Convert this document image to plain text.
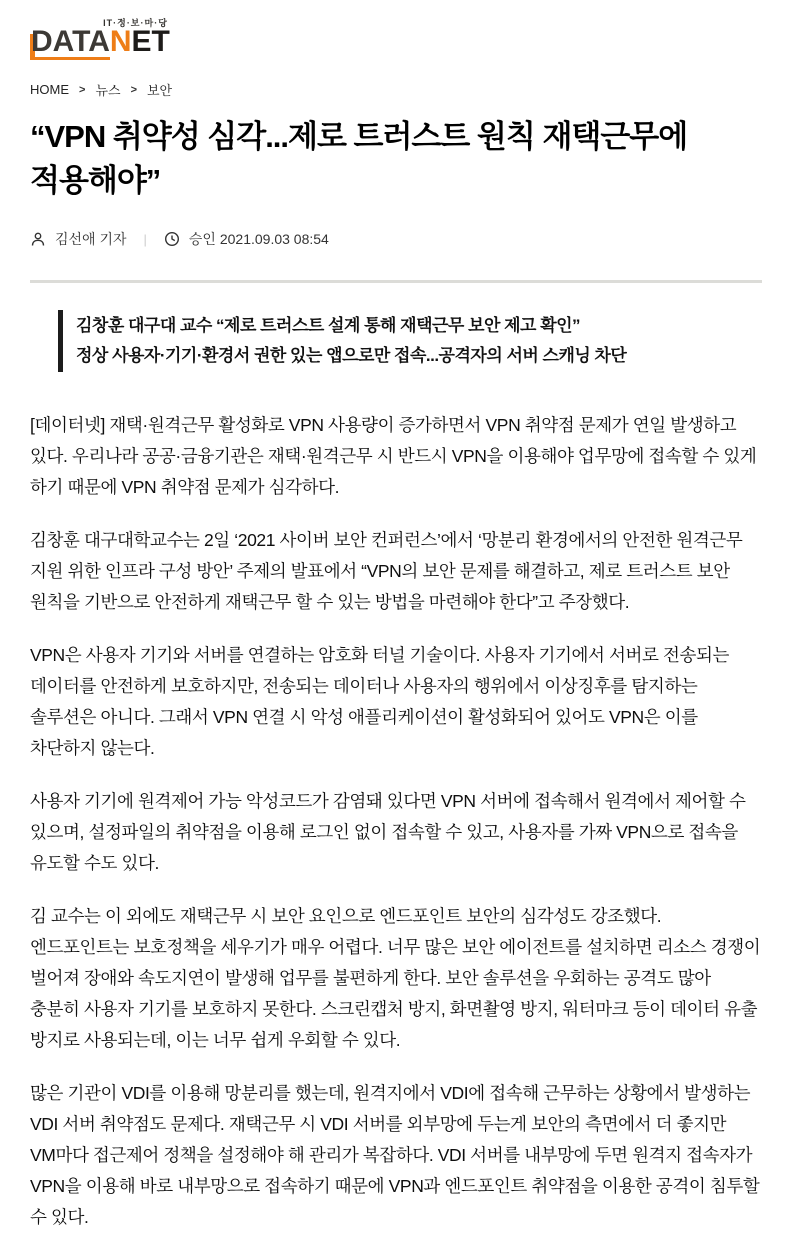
IT·정·보·마·당
DATA N ET
HOME > 뉴스 > 보안
“VPN 취약성 심각...제로 트러스트 원칙 재택근무에 적용해야”
김선애 기자 |	승인 2021.09.03 08:54
김창훈 대구대 교수 “제로 트러스트 설계 통해 재택근무 보안 제고 확인”
정상 사용자·기기·환경서 권한 있는 앱으로만 접속...공격자의 서버 스캐닝 차단

[데이터넷] 재택·원격근무 활성화로 VPN 사용량이 증가하면서 VPN 취약점 문제가 연일 발생하고 있다. 우리나라 공공·금융기관은 재택·원격근무 시 반드시 VPN을 이용해야 업무망에 접속할 수 있게 하기 때문에 VPN 취약점 문제가 심각하다.

김창훈 대구대학교수는 2일 ‘2021 사이버 보안 컨퍼런스’에서 ‘망분리 환경에서의 안전한 원격근무 지원 위한 인프라 구성 방안’ 주제의 발표에서 “VPN의 보안 문제를 해결하고, 제로 트러스트 보안 원칙을 기반으로 안전하게 재택근무 할 수 있는 방법을 마련해야 한다”고 주장했다.

VPN은 사용자 기기와 서버를 연결하는 암호화 터널 기술이다. 사용자 기기에서 서버로 전송되는 데이터를 안전하게 보호하지만, 전송되는 데이터나 사용자의 행위에서 이상징후를 탐지하는 솔루션은 아니다. 그래서 VPN 연결 시 악성 애플리케이션이 활성화되어 있어도 VPN은 이를 차단하지 않는다.

사용자 기기에 원격제어 가능 악성코드가 감염돼 있다면 VPN 서버에 접속해서 원격에서 제어할 수 있으며, 설정파일의 취약점을 이용해 로그인 없이 접속할 수 있고, 사용자를 가짜 VPN으로 접속을 유도할 수도 있다.

김 교수는 이 외에도 재택근무 시 보안 요인으로 엔드포인트 보안의 심각성도 강조했다. 엔드포인트는 보호정책을 세우기가 매우 어렵다. 너무 많은 보안 에이전트를 설치하면 리소스 경쟁이 벌어져 장애와 속도지연이 발생해 업무를 불편하게 한다. 보안 솔루션을 우회하는 공격도 많아 충분히 사용자 기기를 보호하지 못한다. 스크린캡처 방지, 화면촬영 방지, 워터마크 등이 데이터 유출 방지로 사용되는데, 이는 너무 쉽게 우회할 수 있다.

많은 기관이 VDI를 이용해 망분리를 했는데, 원격지에서 VDI에 접속해 근무하는 상황에서 발생하는 VDI 서버 취약점도 문제다. 재택근무 시 VDI 서버를 외부망에 두는게 보안의 측면에서 더 좋지만 VM마다 접근제어 정책을 설정해야 해 관리가 복잡하다. VDI 서버를 내부망에 두면 원격지 접속자가 VPN을 이용해 바로 내부망으로 접속하기 때문에 VPN과 엔드포인트 취약점을 이용한 공격이 침투할 수 있다.
